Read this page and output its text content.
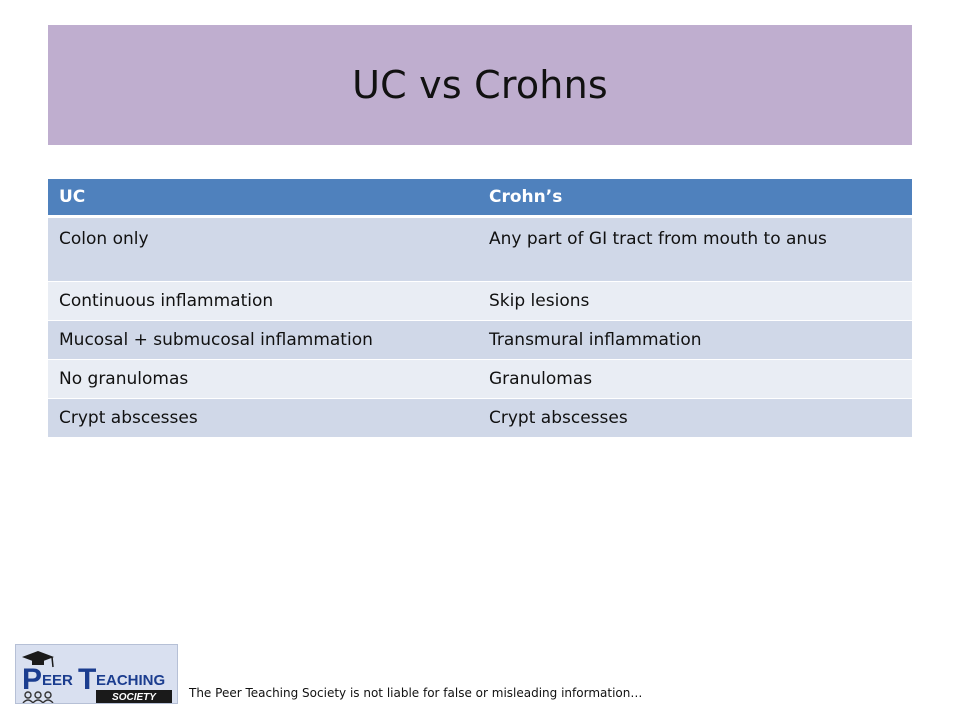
UC vs Crohns
UC	Crohn’s
Colon only	Any part of GI tract from mouth to anus
Continuous inflammation	Skip lesions
Mucosal + submucosal inflammation	Transmural inflammation
No granulomas	Granulomas
Crypt abscesses	Crypt abscesses
P EER T EACHING
SOCIETY	The Peer Teaching Society is not liable for false or misleading information…
